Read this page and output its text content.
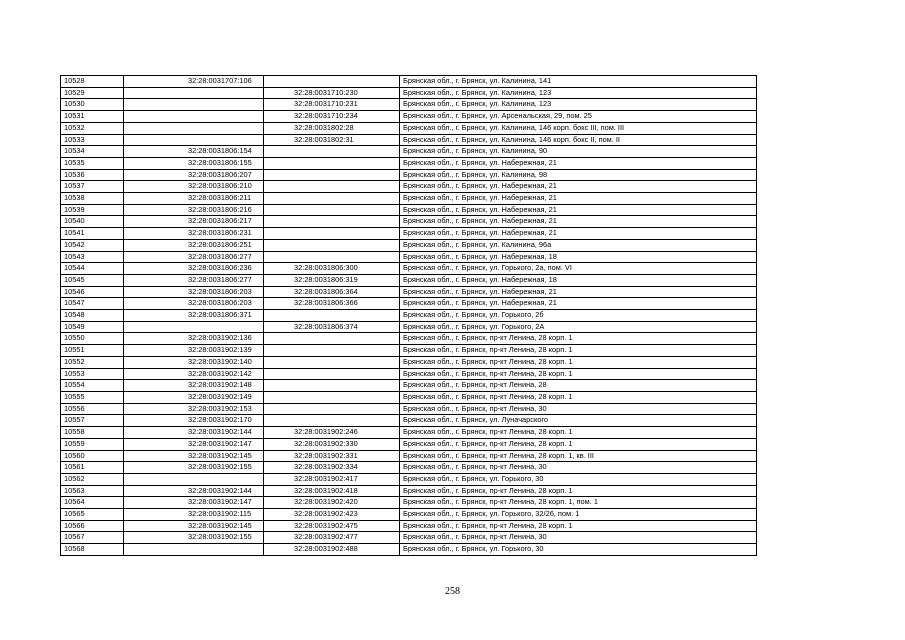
10528	32:28:0031707:106		Брянская обл., г. Брянск, ул. Калинина, 141
10529		32:28:0031710:230	Брянская обл., г. Брянск, ул. Калинина, 123
10530		32:28:0031710:231	Брянская обл., г. Брянск, ул. Калинина, 123
10531		32:28:0031710:234	Брянская обл., г. Брянск, ул. Арсенальская, 29, пом. 25
10532		32:28:0031802:28	Брянская обл., г. Брянск, ул. Калинина, 146 корп. бокс III, пом. III
10533		32:28:0031802:31	Брянская обл., г. Брянск, ул. Калинина, 146 корп. бокс II, пом. II
10534	32:28:0031806:154		Брянская обл., г. Брянск, ул. Калинина, 90
10535	32:28:0031806:155		Брянская обл., г. Брянск, ул. Набережная, 21
10536	32:28:0031806:207		Брянская обл., г. Брянск, ул. Калинина, 98
10537	32:28:0031806:210		Брянская обл., г. Брянск, ул. Набережная, 21
10538	32:28:0031806:211		Брянская обл., г. Брянск, ул. Набережная, 21
10539	32:28:0031806:216		Брянская обл., г. Брянск, ул. Набережная, 21
10540	32:28:0031806:217		Брянская обл., г. Брянск, ул. Набережная, 21
10541	32:28:0031806:231		Брянская обл., г. Брянск, ул. Набережная, 21
10542	32:28:0031806:251		Брянская обл., г. Брянск, ул. Калинина, 96а
10543	32:28:0031806:277		Брянская обл., г. Брянск, ул. Набережная, 18
10544	32:28:0031806:236	32:28:0031806:300	Брянская обл., г. Брянск, ул. Горького, 2а, пом. VI
10545	32:28:0031806:277	32:28:0031806:319	Брянская обл., г. Брянск, ул. Набережная, 18
10546	32:28:0031806:203	32:28:0031806:364	Брянская обл., г. Брянск, ул. Набережная, 21
10547	32:28:0031806:203	32:28:0031806:366	Брянская обл., г. Брянск, ул. Набережная, 21
10548	32:28:0031806:371		Брянская обл., г. Брянск, ул. Горького, 2б
10549		32:28:0031806:374	Брянская обл., г. Брянск, ул. Горького, 2А
10550	32:28:0031902:136		Брянская обл., г. Брянск, пр-кт Ленина, 28 корп. 1
10551	32:28:0031902:139		Брянская обл., г. Брянск, пр-кт Ленина, 28 корп. 1
10552	32:28:0031902:140		Брянская обл., г. Брянск, пр-кт Ленина, 28 корп. 1
10553	32:28:0031902:142		Брянская обл., г. Брянск, пр-кт Ленина, 28 корп. 1
10554	32:28:0031902:148		Брянская обл., г. Брянск, пр-кт Ленина, 28
10555	32:28:0031902:149		Брянская обл., г. Брянск, пр-кт Ленина, 28 корп. 1
10556	32:28:0031902:153		Брянская обл., г. Брянск, пр-кт Ленина, 30
10557	32:28:0031902:170		Брянская обл., г. Брянск, ул. Луначарского
10558	32:28:0031902:144	32:28:0031902:246	Брянская обл., г. Брянск, пр-кт Ленина, 28 корп. 1
10559	32:28:0031902:147	32:28:0031902:330	Брянская обл., г. Брянск, пр-кт Ленина, 28 корп. 1
10560	32:28:0031902:145	32:28:0031902:331	Брянская обл., г. Брянск, пр-кт Ленина, 28 корп. 1, кв. III
10561	32:28:0031902:155	32:28:0031902:334	Брянская обл., г. Брянск, пр-кт Ленина, 30
10562		32:28:0031902:417	Брянская обл., г. Брянск, ул. Горького, 30
10563	32:28:0031902:144	32:28:0031902:418	Брянская обл., г. Брянск, пр-кт Ленина, 28 корп. 1
10564	32:28:0031902:147	32:28:0031902:420	Брянская обл., г. Брянск, пр-кт Ленина, 28 корп. 1, пом. 1
10565	32:28:0031902:115	32:28:0031902:423	Брянская обл., г. Брянск, ул. Горького, 32/26, пом. 1
10566	32:28:0031902:145	32:28:0031902:475	Брянская обл., г. Брянск, пр-кт Ленина, 28 корп. 1
10567	32:28:0031902:155	32:28:0031902:477	Брянская обл., г. Брянск, пр-кт Ленина, 30
10568		32:28:0031902:488	Брянская обл., г. Брянск, ул. Горького, 30
258
